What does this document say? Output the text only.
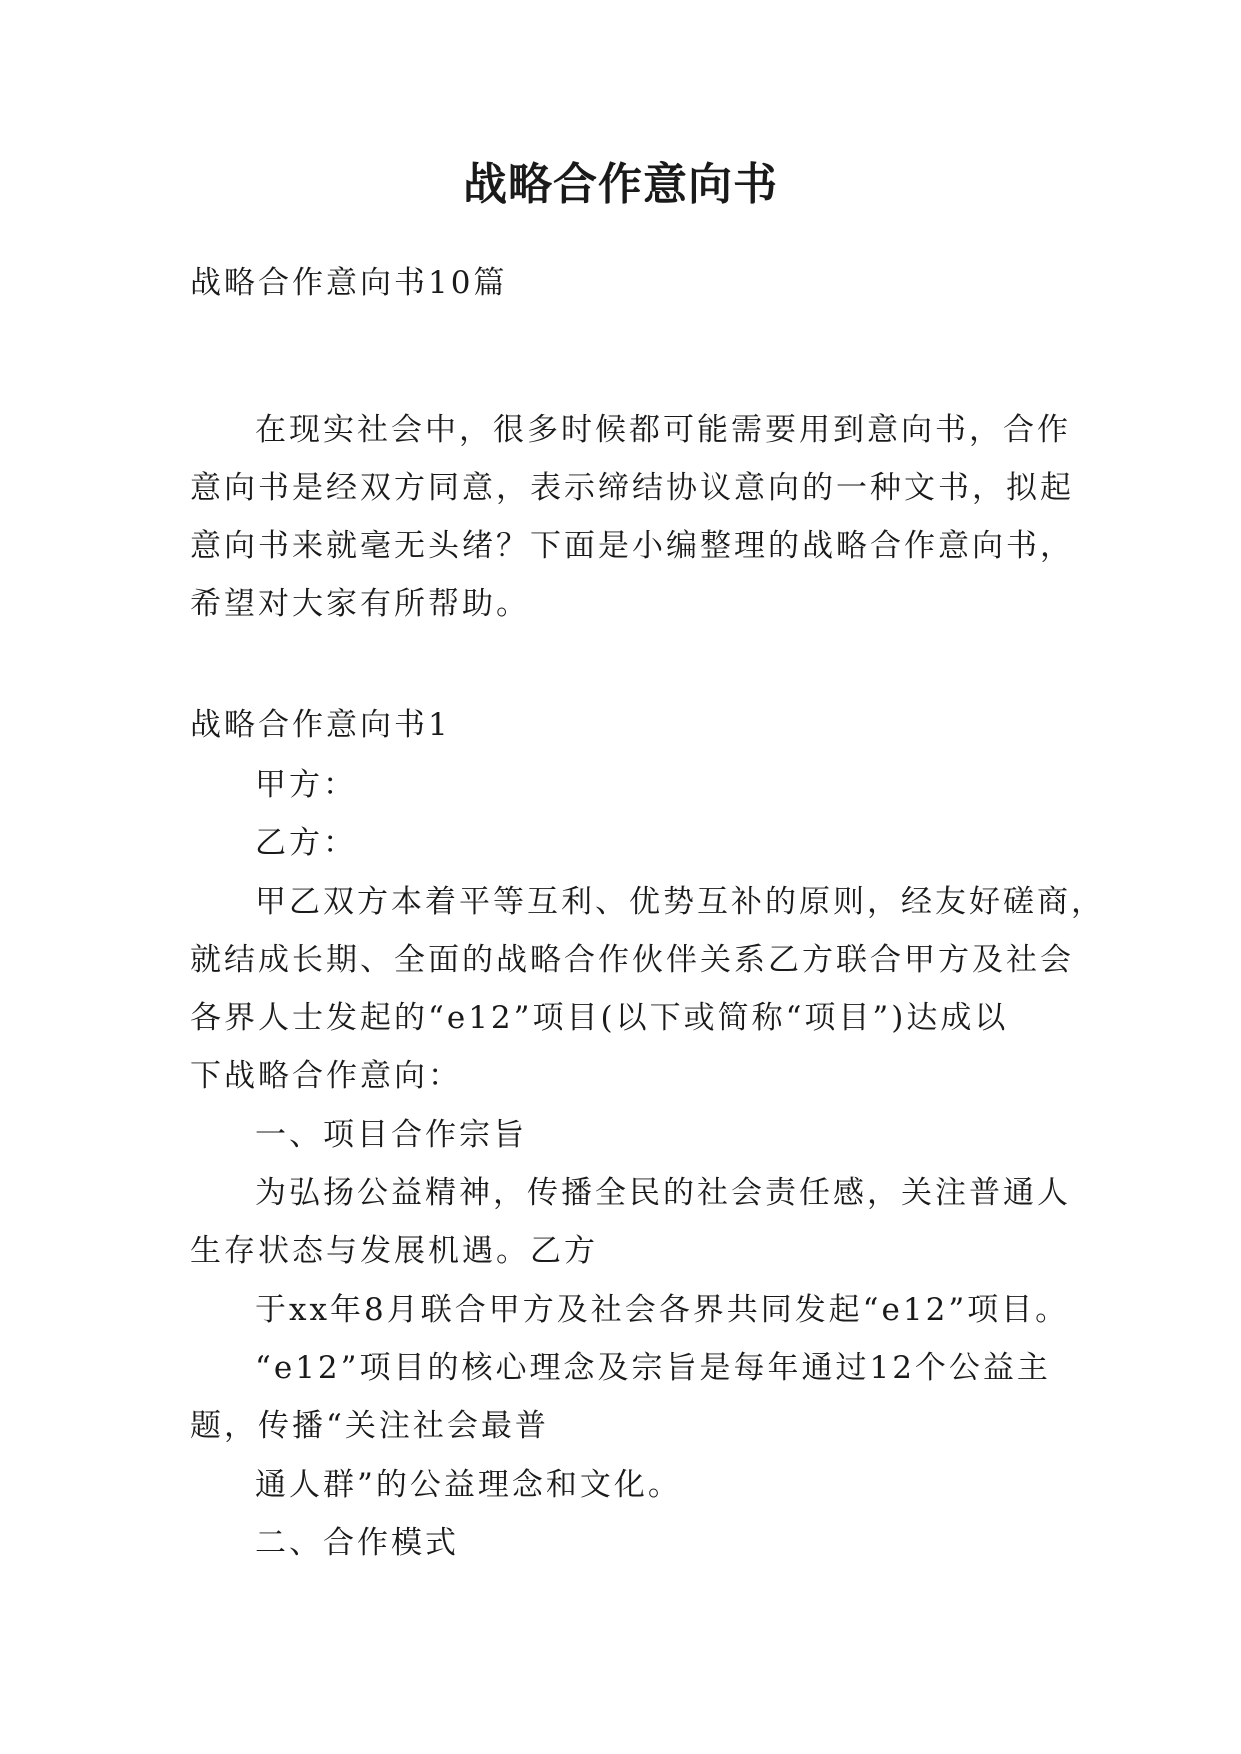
战略合作意向书

战略合作意向书10篇

在现实社会中，很多时候都可能需要用到意向书，合作

意向书是经双方同意，表示缔结协议意向的一种文书，拟起

意向书来就毫无头绪？下面是小编整理的战略合作意向书，

希望对大家有所帮助。

战略合作意向书1

甲方：

乙方：

甲乙双方本着平等互利、优势互补的原则，经友好磋商，

就结成长期、全面的战略合作伙伴关系乙方联合甲方及社会

各界人士发起的“e12”项目(以下或简称“项目”)达成以

下战略合作意向：

一、项目合作宗旨

为弘扬公益精神，传播全民的社会责任感，关注普通人

生存状态与发展机遇。乙方

于xx年8月联合甲方及社会各界共同发起“e12”项目。

“e12”项目的核心理念及宗旨是每年通过12个公益主

题，传播“关注社会最普

通人群”的公益理念和文化。

二、合作模式
